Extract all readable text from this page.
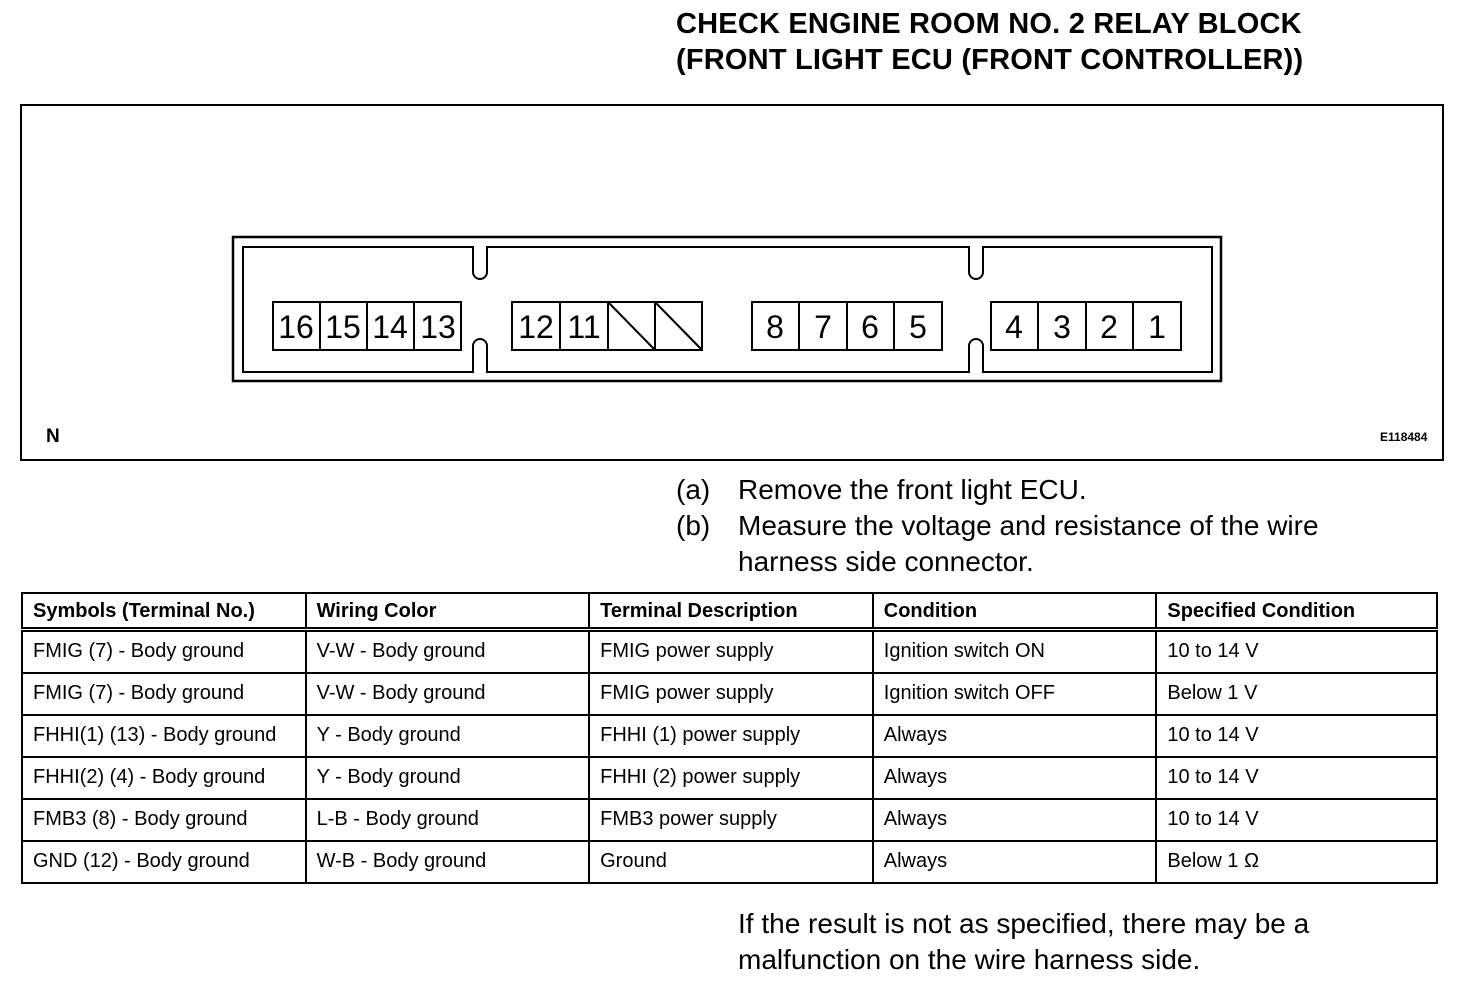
CHECK ENGINE ROOM NO. 2 RELAY BLOCK
(FRONT LIGHT ECU (FRONT CONTROLLER))
16 15 14 13 12 11	8 7 6 5 4 3 2 1
N	E118484
(a) Remove the front light ECU.
(b) Measure the voltage and resistance of the wire
harness side connector.
Symbols (Terminal No.)	Wiring Color	Terminal Description	Condition	Specified Condition
FMIG (7) - Body ground	V-W - Body ground	FMIG power supply	Ignition switch ON	10 to 14 V
FMIG (7) - Body ground	V-W - Body ground	FMIG power supply	Ignition switch OFF	Below 1 V
FHHI(1) (13) - Body ground	Y - Body ground	FHHI (1) power supply	Always	10 to 14 V
FHHI(2) (4) - Body ground	Y - Body ground	FHHI (2) power supply	Always	10 to 14 V
FMB3 (8) - Body ground	L-B - Body ground	FMB3 power supply	Always	10 to 14 V
GND (12) - Body ground	W-B - Body ground	Ground	Always	Below 1 Ω
If the result is not as specified, there may be a
malfunction on the wire harness side.
